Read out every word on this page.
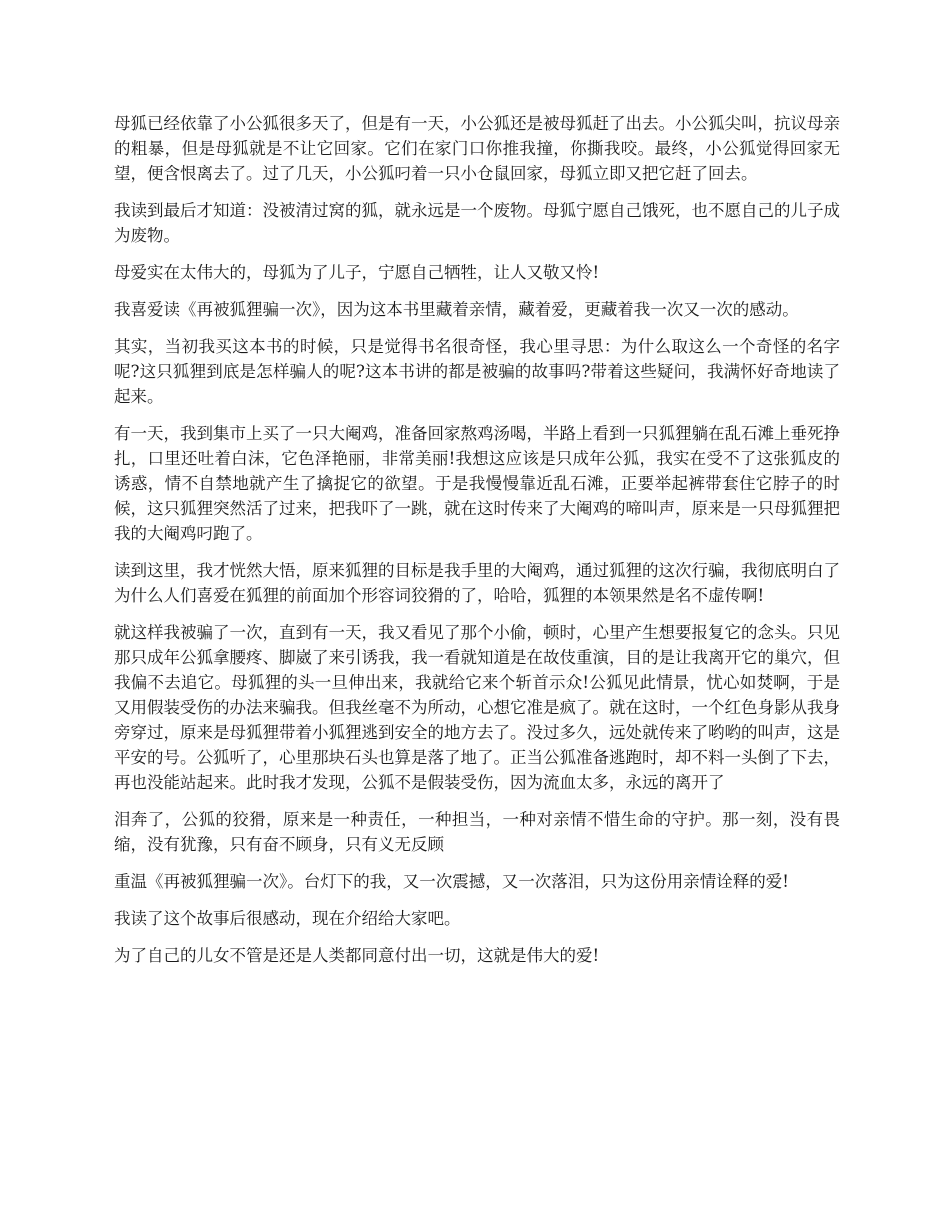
母狐已经依靠了小公狐很多天了，但是有一天，小公狐还是被母狐赶了出去。小公狐尖叫，抗议母亲的粗暴，但是母狐就是不让它回家。它们在家门口你推我撞，你撕我咬。最终，小公狐觉得回家无望，便含恨离去了。过了几天，小公狐叼着一只小仓鼠回家，母狐立即又把它赶了回去。

我读到最后才知道：没被清过窝的狐，就永远是一个废物。母狐宁愿自己饿死，也不愿自己的儿子成为废物。

母爱实在太伟大的，母狐为了儿子，宁愿自己牺牲，让人又敬又怜!

我喜爱读《再被狐狸骗一次》，因为这本书里藏着亲情，藏着爱，更藏着我一次又一次的感动。

其实，当初我买这本书的时候，只是觉得书名很奇怪，我心里寻思：为什么取这么一个奇怪的名字呢?这只狐狸到底是怎样骗人的呢?这本书讲的都是被骗的故事吗?带着这些疑问，我满怀好奇地读了起来。

有一天，我到集市上买了一只大阉鸡，准备回家熬鸡汤喝，半路上看到一只狐狸躺在乱石滩上垂死挣扎，口里还吐着白沫，它色泽艳丽，非常美丽!我想这应该是只成年公狐，我实在受不了这张狐皮的诱惑，情不自禁地就产生了擒捉它的欲望。于是我慢慢靠近乱石滩，正要举起裤带套住它脖子的时候，这只狐狸突然活了过来，把我吓了一跳，就在这时传来了大阉鸡的啼叫声，原来是一只母狐狸把我的大阉鸡叼跑了。

读到这里，我才恍然大悟，原来狐狸的目标是我手里的大阉鸡，通过狐狸的这次行骗，我彻底明白了为什么人们喜爱在狐狸的前面加个形容词狡猾的了，哈哈，狐狸的本领果然是名不虚传啊!

就这样我被骗了一次，直到有一天，我又看见了那个小偷，顿时，心里产生想要报复它的念头。只见那只成年公狐拿腰疼、脚崴了来引诱我，我一看就知道是在故伎重演，目的是让我离开它的巢穴，但我偏不去追它。母狐狸的头一旦伸出来，我就给它来个斩首示众!公狐见此情景，忧心如焚啊，于是又用假装受伤的办法来骗我。但我丝毫不为所动，心想它准是疯了。就在这时，一个红色身影从我身旁穿过，原来是母狐狸带着小狐狸逃到安全的地方去了。没过多久，远处就传来了哟哟的叫声，这是平安的号。公狐听了，心里那块石头也算是落了地了。正当公狐准备逃跑时，却不料一头倒了下去，再也没能站起来。此时我才发现，公狐不是假装受伤，因为流血太多，永远的离开了

泪奔了，公狐的狡猾，原来是一种责任，一种担当，一种对亲情不惜生命的守护。那一刻，没有畏缩，没有犹豫，只有奋不顾身，只有义无反顾

重温《再被狐狸骗一次》。台灯下的我，又一次震撼，又一次落泪，只为这份用亲情诠释的爱!

我读了这个故事后很感动，现在介绍给大家吧。

为了自己的儿女不管是还是人类都同意付出一切，这就是伟大的爱!
